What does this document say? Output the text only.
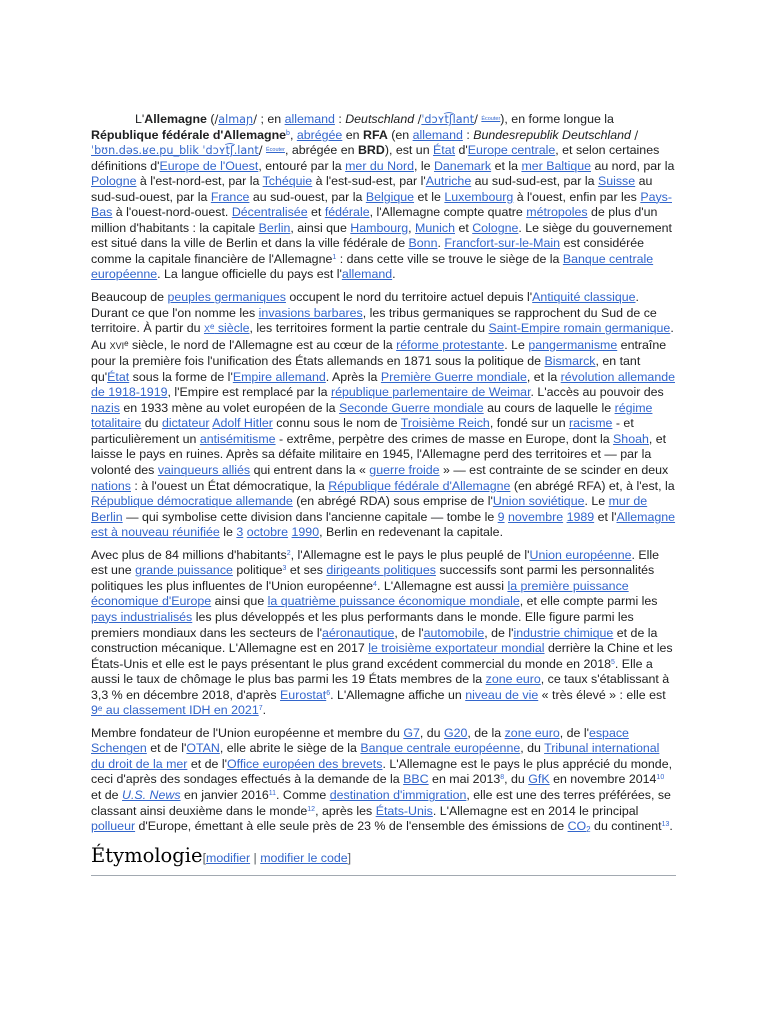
L'Allemagne (/almaɲ/ ; en allemand : Deutschland /ˈdɔʏt͡ʃlant/ $^{Écouter}$), en forme longue la République fédérale d'Allemagne$^b$, abrégée en RFA (en allemand : Bundesrepublik Deutschland /ˈbʊn.dəs.ʁe.pu_blik ˈdɔʏt͡ʃ.lant/ $^{Écouter}$, abrégée en BRD), est un État d'Europe centrale, et selon certaines définitions d'Europe de l'Ouest, entouré par la mer du Nord, le Danemark et la mer Baltique au nord, par la Pologne à l'est-nord-est, par la Tchéquie à l'est-sud-est, par l'Autriche au sud-sud-est, par la Suisse au sud-sud-ouest, par la France au sud-ouest, par la Belgique et le Luxembourg à l'ouest, enfin par les Pays-Bas à l'ouest-nord-ouest. Décentralisée et fédérale, l'Allemagne compte quatre métropoles de plus d'un million d'habitants : la capitale Berlin, ainsi que Hambourg, Munich et Cologne. Le siège du gouvernement est situé dans la ville de Berlin et dans la ville fédérale de Bonn. Francfort-sur-le-Main est considérée comme la capitale financière de l'Allemagne$^1$ : dans cette ville se trouve le siège de la Banque centrale européenne. La langue officielle du pays est l'allemand.

Beaucoup de peuples germaniques occupent le nord du territoire actuel depuis l'Antiquité classique. Durant ce que l'on nomme les invasions barbares, les tribus germaniques se rapprochent du Sud de ce territoire. À partir du Xe siècle, les territoires forment la partie centrale du Saint-Empire romain germanique. Au XVIe siècle, le nord de l'Allemagne est au cœur de la réforme protestante. Le pangermanisme entraîne pour la première fois l'unification des États allemands en 1871 sous la politique de Bismarck, en tant qu'État sous la forme de l'Empire allemand. Après la Première Guerre mondiale, et la révolution allemande de 1918-1919, l'Empire est remplacé par la république parlementaire de Weimar. L'accès au pouvoir des nazis en 1933 mène au volet européen de la Seconde Guerre mondiale au cours de laquelle le régime totalitaire du dictateur Adolf Hitler connu sous le nom de Troisième Reich, fondé sur un racisme - et particulièrement un antisémitisme - extrême, perpètre des crimes de masse en Europe, dont la Shoah, et laisse le pays en ruines. Après sa défaite militaire en 1945, l'Allemagne perd des territoires et — par la volonté des vainqueurs alliés qui entrent dans la « guerre froide » — est contrainte de se scinder en deux nations : à l'ouest un État démocratique, la République fédérale d'Allemagne (en abrégé RFA) et, à l'est, la République démocratique allemande (en abrégé RDA) sous emprise de l'Union soviétique. Le mur de Berlin — qui symbolise cette division dans l'ancienne capitale — tombe le 9 novembre 1989 et l'Allemagne est à nouveau réunifiée le 3 octobre 1990, Berlin en redevenant la capitale.

Avec plus de 84 millions d'habitants$^2$, l'Allemagne est le pays le plus peuplé de l'Union européenne. Elle est une grande puissance politique$^3$ et ses dirigeants politiques successifs sont parmi les personnalités politiques les plus influentes de l'Union européenne$^4$. L'Allemagne est aussi la première puissance économique d'Europe ainsi que la quatrième puissance économique mondiale, et elle compte parmi les pays industrialisés les plus développés et les plus performants dans le monde. Elle figure parmi les premiers mondiaux dans les secteurs de l'aéronautique, de l'automobile, de l'industrie chimique et de la construction mécanique. L'Allemagne est en 2017 le troisième exportateur mondial derrière la Chine et les États-Unis et elle est le pays présentant le plus grand excédent commercial du monde en 2018$^5$. Elle a aussi le taux de chômage le plus bas parmi les 19 États membres de la zone euro, ce taux s'établissant à 3,3 % en décembre 2018, d'après Eurostat$^6$. L'Allemagne affiche un niveau de vie « très élevé » : elle est 9e au classement IDH en 2021$^7$.

Membre fondateur de l'Union européenne et membre du G7, du G20, de la zone euro, de l'espace Schengen et de l'OTAN, elle abrite le siège de la Banque centrale européenne, du Tribunal international du droit de la mer et de l'Office européen des brevets. L'Allemagne est le pays le plus apprécié du monde, ceci d'après des sondages effectués à la demande de la BBC en mai 2013$^8$, du GfK en novembre 2014$^{10}$ et de U.S. News en janvier 2016$^{11}$. Comme destination d'immigration, elle est une des terres préférées, se classant ainsi deuxième dans le monde$^{12}$, après les États-Unis. L'Allemagne est en 2014 le principal pollueur d'Europe, émettant à elle seule près de 23 % de l'ensemble des émissions de $CO_2$ du continent$^{13}$.

Étymologie[modifier | modifier le code]
